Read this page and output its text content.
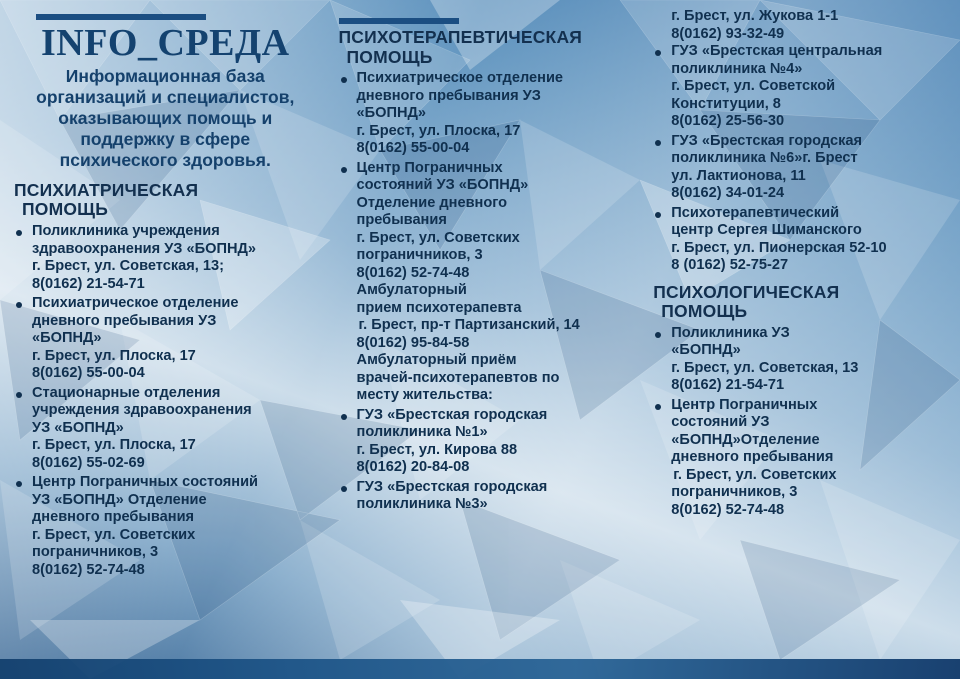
INFO_СРЕДА
Информационная база организаций и специалистов, оказывающих помощь и поддержку в сфере психического здоровья.
ПСИХИАТРИЧЕСКАЯ
ПОМОЩЬ
Поликлиника учреждения
здравоохранения УЗ «БОПНД»
г. Брест, ул. Советская, 13;
8(0162) 21-54-71
Психиатрическое отделение
дневного пребывания УЗ
«БОПНД»
г. Брест, ул. Плоска, 17
8(0162) 55-00-04
Стационарные отделения
учреждения здравоохранения
УЗ «БОПНД»
г. Брест, ул. Плоска, 17
8(0162) 55-02-69
Центр Пограничных состояний
УЗ «БОПНД» Отделение
дневного пребывания
г. Брест, ул. Советских
пограничников, 3
8(0162) 52-74-48
ПСИХОТЕРАПЕВТИЧЕСКАЯ
ПОМОЩЬ
Психиатрическое отделение
дневного пребывания УЗ
«БОПНД»
г. Брест, ул. Плоска, 17
8(0162) 55-00-04
Центр Пограничных
состояний УЗ «БОПНД»
Отделение дневного
пребывания
г. Брест, ул. Советских
пограничников, 3
8(0162) 52-74-48
Амбулаторный
прием психотерапевта
г. Брест, пр-т Партизанский, 14
8(0162) 95-84-58
Амбулаторный приём
врачей-психотерапевтов по
месту жительства:
ГУЗ «Брестская городская
поликлиника №1»
г. Брест, ул. Кирова 88
8(0162) 20-84-08
ГУЗ «Брестская городская
поликлиника №3»
г. Брест, ул. Жукова 1-1
8(0162) 93-32-49
ГУЗ «Брестская центральная
поликлиника №4»
г. Брест, ул. Советской
Конституции, 8
8(0162) 25-56-30
ГУЗ «Брестская городская
поликлиника №6»г. Брест
ул. Лактионова, 11
8(0162) 34-01-24
Психотерапевтический
центр Сергея Шиманского
г. Брест, ул. Пионерская 52-10
8 (0162) 52-75-27
ПСИХОЛОГИЧЕСКАЯ
ПОМОЩЬ
Поликлиника УЗ
«БОПНД»
г. Брест, ул. Советская, 13
8(0162) 21-54-71
Центр Пограничных
состояний УЗ
«БОПНД»Отделение
дневного пребывания
г. Брест, ул. Советских
пограничников, 3
8(0162) 52-74-48
